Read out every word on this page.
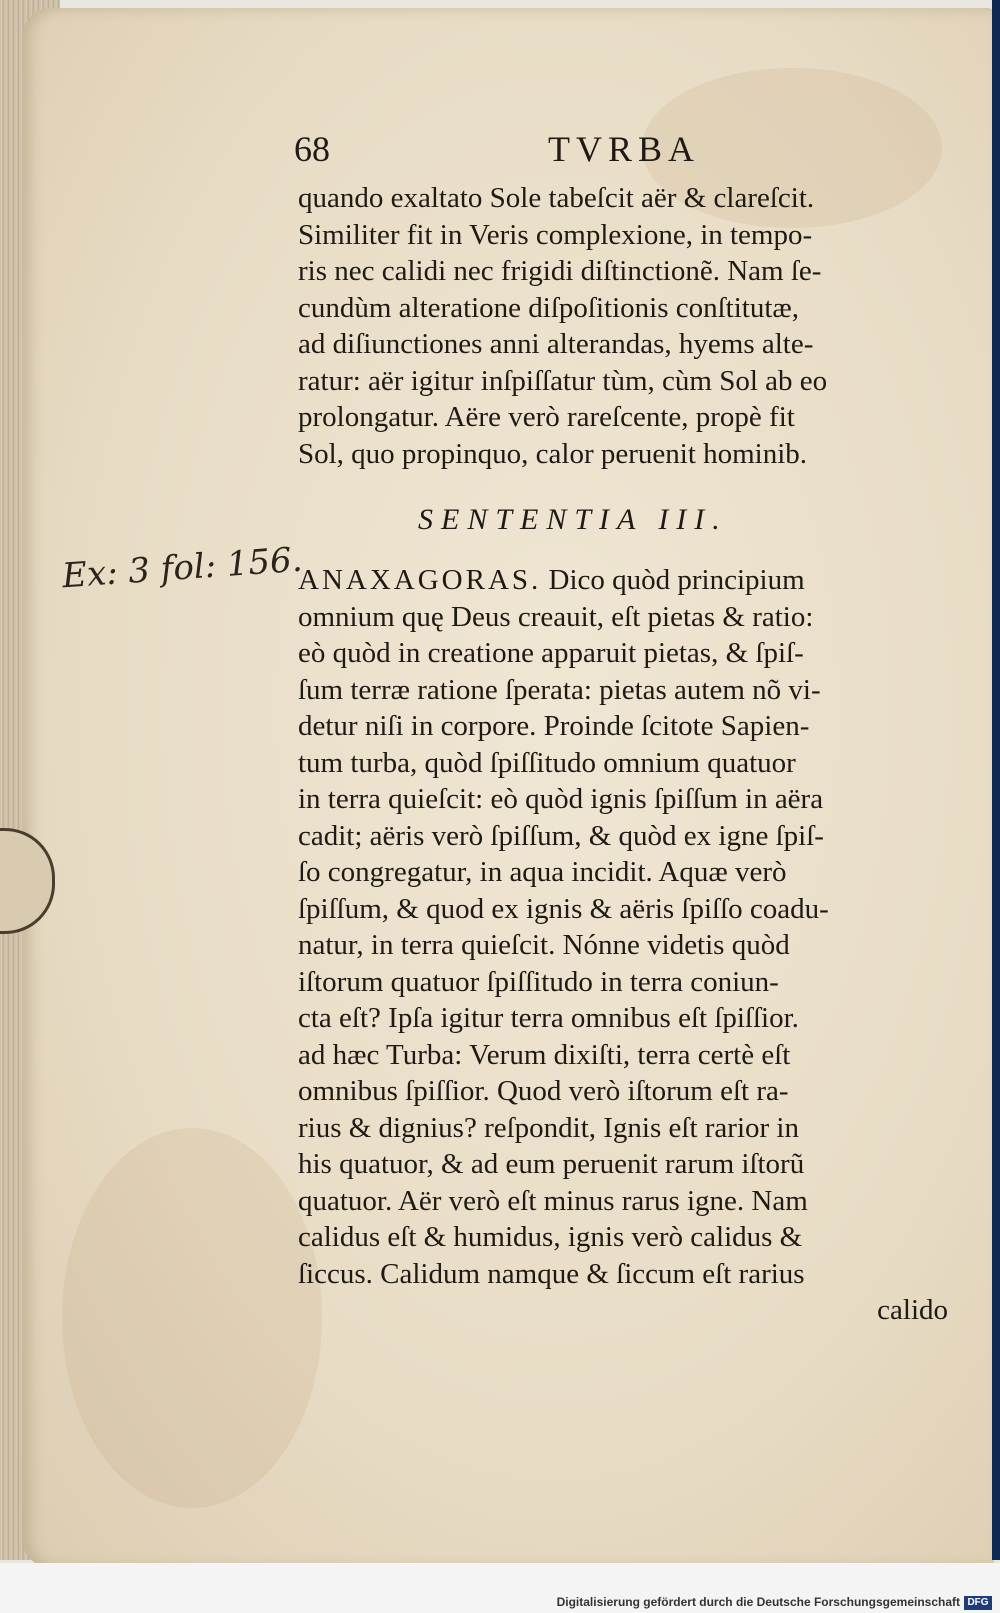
Ex: 3 fol: 156.
68	TVRBA
quando exaltato Sole tabeſcit aër & clareſcit.
Similiter fit in Veris complexione, in tempo-
ris nec calidi nec frigidi diſtinctionẽ. Nam ſe-
cundùm alteratione diſpoſitionis conſtitutæ,
ad diſiunctiones anni alterandas, hyems alte-
ratur: aër igitur inſpiſſatur tùm, cùm Sol ab eo
prolongatur. Aëre verò rareſcente, propè fit
Sol, quo propinquo, calor peruenit hominib.
SENTENTIA III.
ANAXAGORAS. Dico quòd principium
omnium quę Deus creauit, eſt pietas & ratio:
eò quòd in creatione apparuit pietas, & ſpiſ-
ſum terræ ratione ſperata: pietas autem nõ vi-
detur niſi in corpore. Proinde ſcitote Sapien-
tum turba, quòd ſpiſſitudo omnium quatuor
in terra quieſcit: eò quòd ignis ſpiſſum in aëra
cadit; aëris verò ſpiſſum, & quòd ex igne ſpiſ-
ſo congregatur, in aqua incidit. Aquæ verò
ſpiſſum, & quod ex ignis & aëris ſpiſſo coadu-
natur, in terra quieſcit. Nónne videtis quòd
iſtorum quatuor ſpiſſitudo in terra coniun-
cta eſt? Ipſa igitur terra omnibus eſt ſpiſſior.
ad hæc Turba: Verum dixiſti, terra certè eſt
omnibus ſpiſſior. Quod verò iſtorum eſt ra-
rius & dignius? reſpondit, Ignis eſt rarior in
his quatuor, & ad eum peruenit rarum iſtorũ
quatuor. Aër verò eſt minus rarus igne. Nam
calidus eſt & humidus, ignis verò calidus &
ſiccus. Calidum namque & ſiccum eſt rarius
calido
Digitalisierung gefördert durch die Deutsche Forschungsgemeinschaft DFG
